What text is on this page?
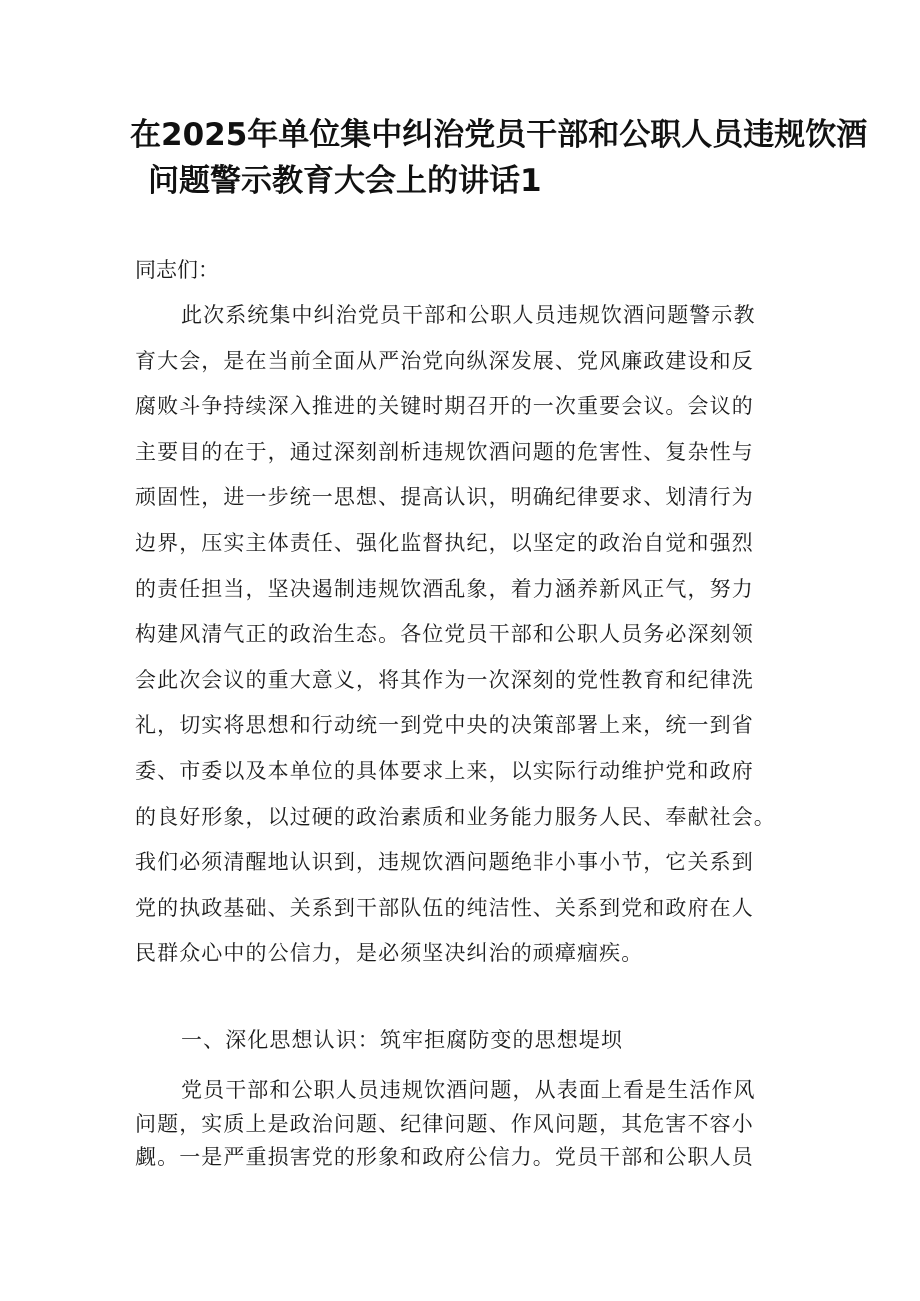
在2025年单位集中纠治党员干部和公职人员违规饮酒
问题警示教育大会上的讲话1
同志们：
此次系统集中纠治党员干部和公职人员违规饮酒问题警示教
育大会，是在当前全面从严治党向纵深发展、党风廉政建设和反
腐败斗争持续深入推进的关键时期召开的一次重要会议。会议的
主要目的在于，通过深刻剖析违规饮酒问题的危害性、复杂性与
顽固性，进一步统一思想、提高认识，明确纪律要求、划清行为
边界，压实主体责任、强化监督执纪，以坚定的政治自觉和强烈
的责任担当，坚决遏制违规饮酒乱象，着力涵养新风正气，努力
构建风清气正的政治生态。各位党员干部和公职人员务必深刻领
会此次会议的重大意义，将其作为一次深刻的党性教育和纪律洗
礼，切实将思想和行动统一到党中央的决策部署上来，统一到省
委、市委以及本单位的具体要求上来，以实际行动维护党和政府
的良好形象，以过硬的政治素质和业务能力服务人民、奉献社会。
我们必须清醒地认识到，违规饮酒问题绝非小事小节，它关系到
党的执政基础、关系到干部队伍的纯洁性、关系到党和政府在人
民群众心中的公信力，是必须坚决纠治的顽瘴痼疾。
一、深化思想认识：筑牢拒腐防变的思想堤坝
党员干部和公职人员违规饮酒问题，从表面上看是生活作风
问题，实质上是政治问题、纪律问题、作风问题，其危害不容小
觑。一是严重损害党的形象和政府公信力。党员干部和公职人员
